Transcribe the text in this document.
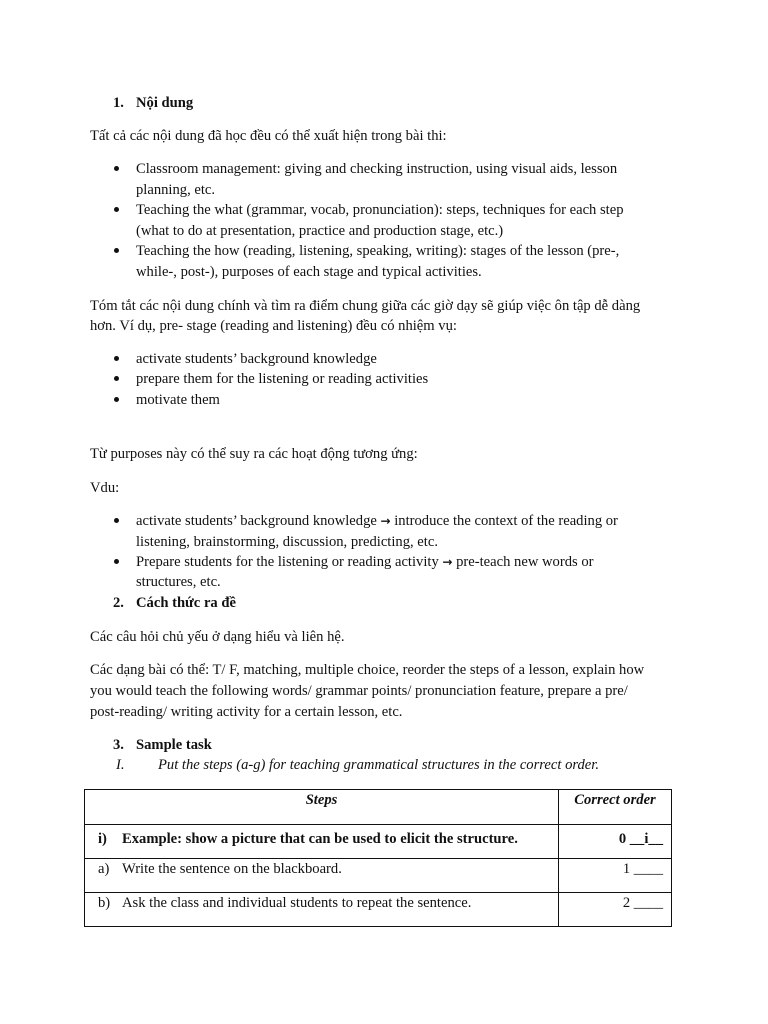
1. Nội dung
Tất cả các nội dung đã học đều có thể xuất hiện trong bài thi:
Classroom management: giving and checking instruction, using visual aids, lesson
planning, etc.
Teaching the what (grammar, vocab, pronunciation): steps, techniques for each step
(what to do at presentation, practice and production stage, etc.)
Teaching the how (reading, listening, speaking, writing): stages of the lesson (pre-,
while-, post-), purposes of each stage and typical activities.
Tóm tắt các nội dung chính và tìm ra điểm chung giữa các giờ dạy sẽ giúp việc ôn tập dễ dàng
hơn. Ví dụ, pre- stage (reading and listening) đều có nhiệm vụ:
activate students’ background knowledge
prepare them for the listening or reading activities
motivate them
Từ purposes này có thể suy ra các hoạt động tương ứng:
Vdu:
activate students’ background knowledge → introduce the context of the reading or
listening, brainstorming, discussion, predicting, etc.
Prepare students for the listening or reading activity → pre-teach new words or
structures, etc.
2. Cách thức ra đề
Các câu hỏi chủ yếu ở dạng hiểu và liên hệ.
Các dạng bài có thể: T/ F, matching, multiple choice, reorder the steps of a lesson, explain how
you would teach the following words/ grammar points/ pronunciation feature, prepare a pre/
post-reading/ writing activity for a certain lesson, etc.
3. Sample task
I. Put the steps (a-g) for teaching grammatical structures in the correct order.
Steps	Correct order

i) Example: show a picture that can be used to elicit the structure.	0 __i__

a) Write the sentence on the blackboard.	1 ____

b) Ask the class and individual students to repeat the sentence.	2 ____
